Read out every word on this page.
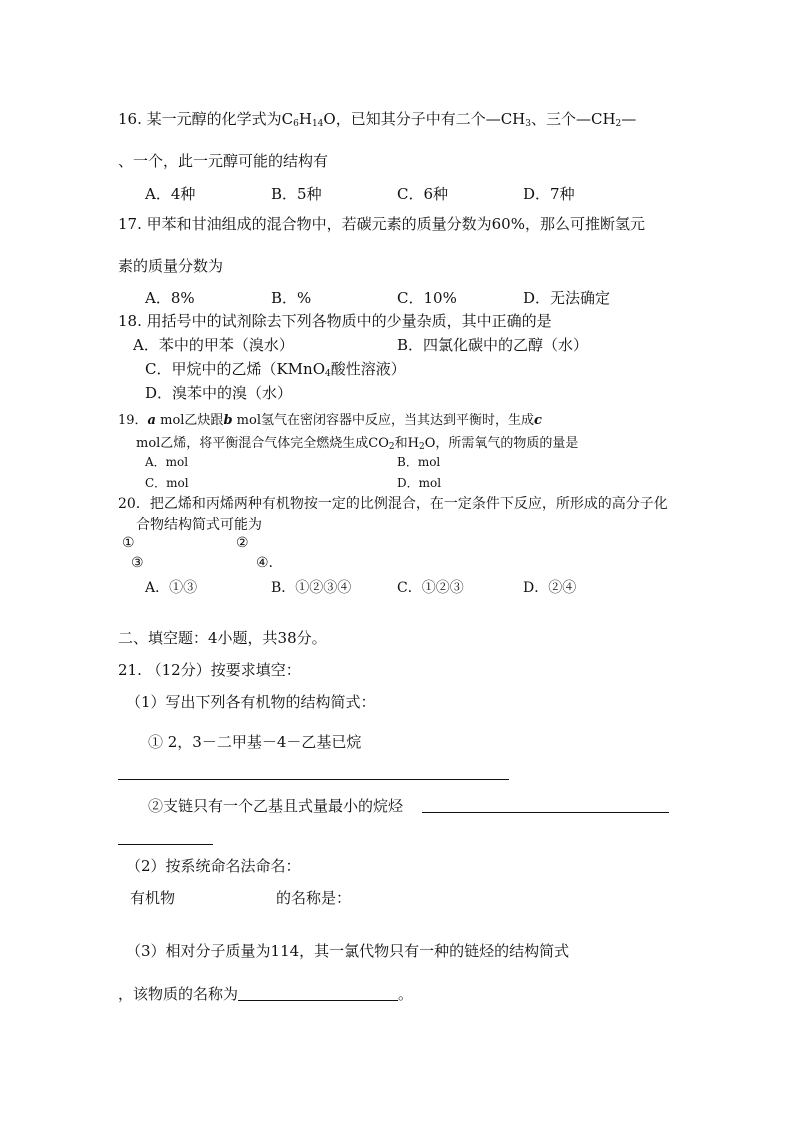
16. 某一元醇的化学式为$C_6H_{14}O$，已知其分子中有二个$—CH_3$、三个$—CH_2—$
、一个，此一元醇可能的结构有
A．4种	B．5种	C．6种	D．7种
17. 甲苯和甘油组成的混合物中，若碳元素的质量分数为60%，那么可推断氢元
素的质量分数为
A．8%	B．%	C．10%	D．无法确定
18. 用括号中的试剂除去下列各物质中的少量杂质，其中正确的是
A．苯中的甲苯（溴水）	B．四氯化碳中的乙醇（水）
C．甲烷中的乙烯（KMnO$_4$酸性溶液）
D．溴苯中的溴（水）
19．a mol乙炔跟b mol氢气在密闭容器中反应，当其达到平衡时，生成c
mol乙烯，将平衡混合气体完全燃烧生成$CO_2$和$H_2O$，所需氧气的物质的量是
A．mol	B．mol
C．mol	D．mol
20．把乙烯和丙烯两种有机物按一定的比例混合，在一定条件下反应，所形成的高分子化
合物结构简式可能为
①	②
③	④.
A．①③	B．①②③④	C．①②③	D．②④
二、填空题：4小题，共38分。
21. （12分）按要求填空：
（1）写出下列各有机物的结构简式：
① 2，3－二甲基－4－乙基已烷
②支链只有一个乙基且式量最小的烷烃
（2）按系统命名法命名：
有机物	的名称是：
（3）相对分子质量为114，其一氯代物只有一种的链烃的结构简式
，该物质的名称为	。
